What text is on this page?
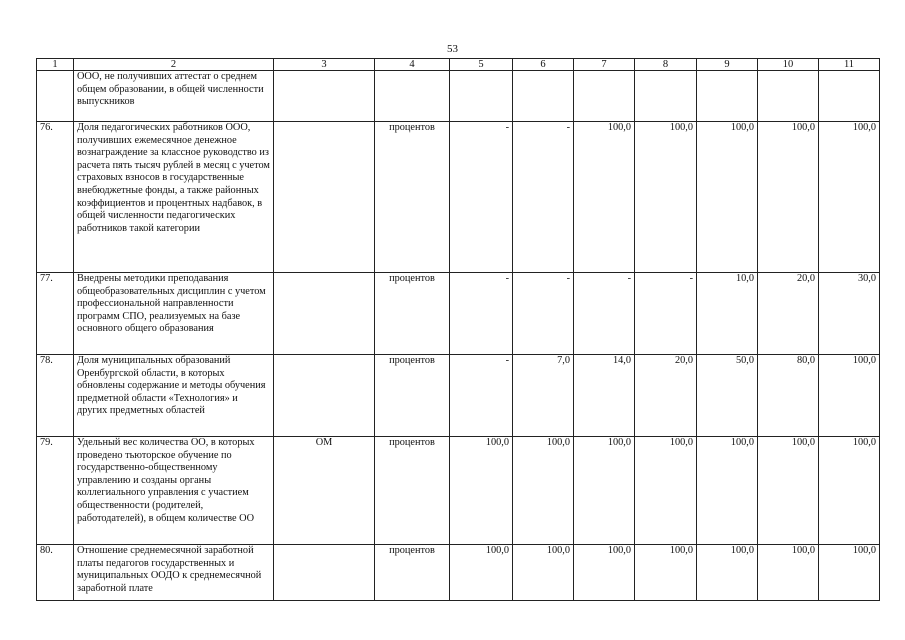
53
1	2	3	4	5	6	7	8	9	10	11
	ООО, не получивших аттестат о среднем общем образовании, в общей численности выпускников									
76.	Доля педагогических работников ООО, получивших ежемесячное денежное вознаграждение за классное руководство из расчета пять тысяч рублей в месяц с учетом страховых взносов в государственные внебюджетные фонды, а также районных коэффициентов и процентных надбавок, в общей численности педагогических работников такой категории		процентов	-	-	100,0	100,0	100,0	100,0	100,0
77.	Внедрены методики преподавания общеобразовательных дисциплин с учетом профессиональной направленности программ СПО, реализуемых на базе основного общего образования		процентов	-	-	-	-	10,0	20,0	30,0
78.	Доля муниципальных образований Оренбургской области, в которых обновлены содержание и методы обучения предметной области «Технология» и других предметных областей		процентов	-	7,0	14,0	20,0	50,0	80,0	100,0
79.	Удельный вес количества ОО, в которых проведено тьюторское обучение по государственно-общественному управлению и созданы органы коллегиального управления с участием общественности (родителей, работодателей), в общем количестве ОО	ОМ	процентов	100,0	100,0	100,0	100,0	100,0	100,0	100,0
80.	Отношение среднемесячной заработной платы педагогов государственных и муниципальных ООДО к среднемесячной заработной плате		процентов	100,0	100,0	100,0	100,0	100,0	100,0	100,0
